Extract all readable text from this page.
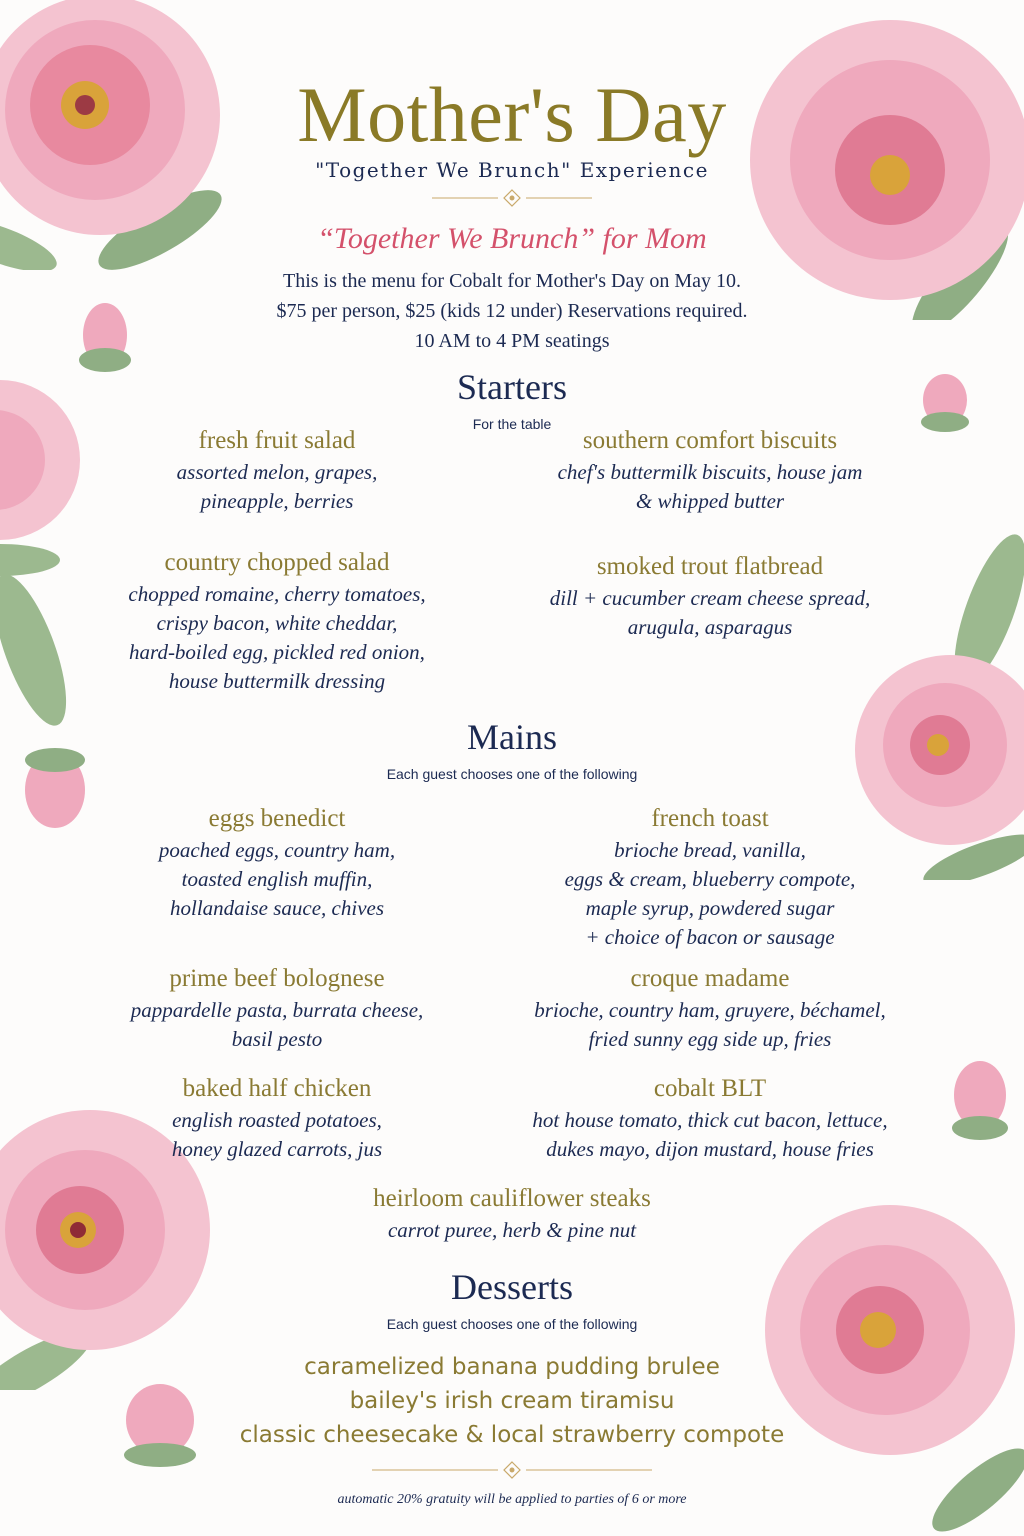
Mother's Day
"Together We Brunch" Experience
“Together We Brunch” for Mom
This is the menu for Cobalt for Mother's Day on May 10.
$75 per person, $25 (kids 12 under) Reservations required.
10 AM to 4 PM seatings
Starters
For the table
fresh fruit salad
assorted melon, grapes,
pineapple, berries
southern comfort biscuits
chef's buttermilk biscuits, house jam
& whipped butter
country chopped salad
chopped romaine, cherry tomatoes,
crispy bacon, white cheddar,
hard-boiled egg, pickled red onion,
house buttermilk dressing
smoked trout flatbread
dill + cucumber cream cheese spread,
arugula, asparagus
Mains
Each guest chooses one of the following
eggs benedict
poached eggs, country ham,
toasted english muffin,
hollandaise sauce, chives
french toast
brioche bread, vanilla,
eggs & cream, blueberry compote,
maple syrup, powdered sugar
+ choice of bacon or sausage
prime beef bolognese
pappardelle pasta, burrata cheese,
basil pesto
croque madame
brioche, country ham, gruyere, béchamel,
fried sunny egg side up, fries
baked half chicken
english roasted potatoes,
honey glazed carrots, jus
cobalt BLT
hot house tomato, thick cut bacon, lettuce,
dukes mayo, dijon mustard, house fries
heirloom cauliflower steaks
carrot puree, herb & pine nut
Desserts
Each guest chooses one of the following
caramelized banana pudding brulee
bailey's irish cream tiramisu
classic cheesecake & local strawberry compote
automatic 20% gratuity will be applied to parties of 6 or more
